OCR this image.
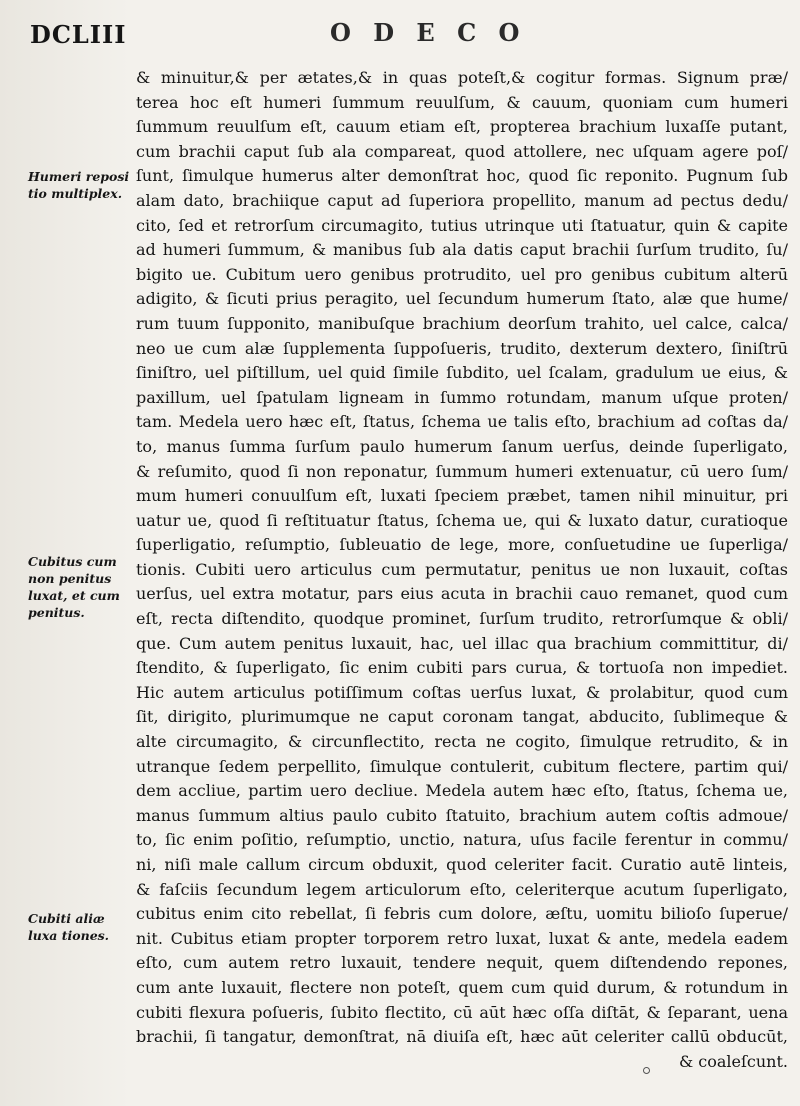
DCLIII	O D E C O
Humeri reposi tio multiplex.
Cubitus cum non penitus luxat, et cum penitus.
Cubiti aliæ luxa tiones.
& minuitur,& per ætates,& in quas poteſt,& cogitur formas. Signum præ/
terea hoc eſt humeri ſummum reuulſum, & cauum, quoniam cum humeri
ſummum reuulſum eſt, cauum etiam eſt, propterea brachium luxaſſe putant,
cum brachii caput ſub ala compareat, quod attollere, nec uſquam agere poſ/
ſunt, ſimulque humerus alter demonſtrat hoc, quod ſic reponito. Pugnum ſub
alam dato, brachiique caput ad ſuperiora propellito, manum ad pectus dedu/
cito, ſed et retrorſum circumagito, tutius utrinque uti ſtatuatur, quin & capite
ad humeri ſummum, & manibus ſub ala datis caput brachii ſurſum trudito, ſu/
bigito ue. Cubitum uero genibus protrudito, uel pro genibus cubitum alterū
adigito, & ſicuti prius peragito, uel ſecundum humerum ſtato, alæ que hume/
rum tuum ſupponito, manibuſque brachium deorſum trahito, uel calce, calca/
neo ue cum alæ ſupplementa ſuppoſueris, trudito, dexterum dextero, ſiniſtrū
ſiniſtro, uel piſtillum, uel quid ſimile ſubdito, uel ſcalam, gradulum ue eius, &
paxillum, uel ſpatulam ligneam in ſummo rotundam, manum uſque proten/
tam. Medela uero hæc eſt, ſtatus, ſchema ue talis eſto, brachium ad coſtas da/
to, manus ſumma ſurſum paulo humerum ſanum uerſus, deinde ſuperligato,
& reſumito, quod ſi non reponatur, ſummum humeri extenuatur, cū uero ſum/
mum humeri conuulſum eſt, luxati ſpeciem præbet, tamen nihil minuitur, pri
uatur ue, quod ſi reſtituatur ſtatus, ſchema ue, qui & luxato datur, curatioque
ſuperligatio, reſumptio, ſubleuatio de lege, more, conſuetudine ue ſuperliga/
tionis. Cubiti uero articulus cum permutatur, penitus ue non luxauit, coſtas
uerſus, uel extra motatur, pars eius acuta in brachii cauo remanet, quod cum
eſt, recta diſtendito, quodque prominet, ſurſum trudito, retrorſumque & obli/
que. Cum autem penitus luxauit, hac, uel illac qua brachium committitur, di/
ſtendito, & ſuperligato, ſic enim cubiti pars curua, & tortuoſa non impediet.
Hic autem articulus potiſſimum coſtas uerſus luxat, & prolabitur, quod cum
ſit, dirigito, plurimumque ne caput coronam tangat, abducito, ſublimeque &
alte circumagito, & circunflectito, recta ne cogito, ſimulque retrudito, & in
utranque ſedem perpellito, ſimulque contulerit, cubitum flectere, partim qui/
dem accliue, partim uero decliue. Medela autem hæc eſto, ſtatus, ſchema ue,
manus ſummum altius paulo cubito ſtatuito, brachium autem coſtis admoue/
to, ſic enim poſitio, reſumptio, unctio, natura, uſus facile ferentur in commu/
ni, niſi male callum circum obduxit, quod celeriter facit. Curatio autē linteis,
& faſciis ſecundum legem articulorum eſto, celeriterque acutum ſuperligato,
cubitus enim cito rebellat, ſi febris cum dolore, æſtu, uomitu bilioſo ſuperue/
nit. Cubitus etiam propter torporem retro luxat, luxat & ante, medela eadem
eſto, cum autem retro luxauit, tendere nequit, quem diſtendendo repones,
cum ante luxauit, flectere non poteſt, quem cum quid durum, & rotundum in
cubiti flexura poſueris, ſubito flectito, cū aūt hæc oſſa diſtāt, & ſeparant, uena
brachii, ſi tangatur, demonſtrat, nā diuiſa eſt, hæc aūt celeriter callū obducūt,
& coaleſcunt.
